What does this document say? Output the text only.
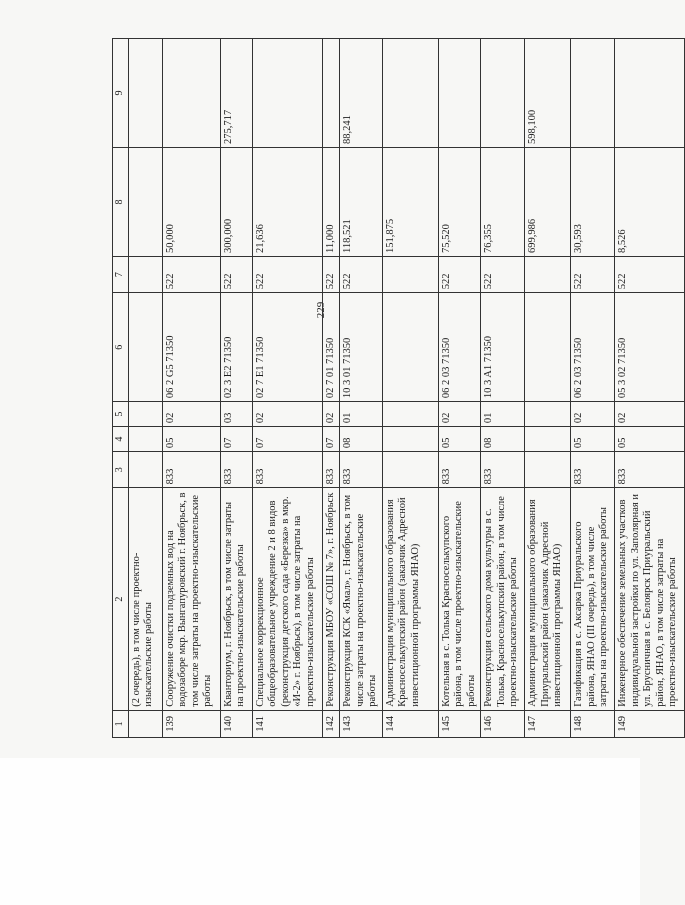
229
1	2	3	4	5	6	7	8	9
	(2 очередь), в том числе проектно-изыскательские работы							
139	Сооружение очистки подземных вод на водозаборе мкр. Вынгапуровский г. Ноябрьск, в том числе затраты на проектно-изыскательские работы	833	05	02	06 2 G5 71350	522	50,000	
140	Кванториум, г. Ноябрьск, в том числе затраты на проектно-изыскательские работы	833	07	03	02 3 E2 71350	522	300,000	275,717
141	Специальное коррекционное общеобразовательное учреждение 2 и 8 видов (реконструкция детского сада «Березка» в мкр. «И-2» г. Ноябрьск), в том числе затраты на проектно-изыскательские работы	833	07	02	02 7 E1 71350	522	21,636	
142	Реконструкция МБОУ «СОШ № 7», г. Ноябрьск	833	07	02	02 7 01 71350	522	11,000	
143	Реконструкция КСК «Ямал», г. Ноябрьск, в том числе затраты на проектно-изыскательские работы	833	08	01	10 3 01 71350	522	118,521	88,241
144	Администрация муниципального образования Красноселькупский район (заказчик Адресной инвестиционной программы ЯНАО)						151,875	
145	Котельная в с. Толька Красноселькупского района, в том числе проектно-изыскательские работы	833	05	02	06 2 03 71350	522	75,520	
146	Реконструкция сельского дома культуры в с. Толька, Красноселькупский район, в том числе проектно-изыскательские работы	833	08	01	10 3 A1 71350	522	76,355	
147	Администрация муниципального образования Приуральский район (заказчик Адресной инвестиционной программы ЯНАО)						699,986	598,100
148	Газификация в с. Аксарка Приуральского района, ЯНАО (III очередь), в том числе затраты на проектно-изыскательские работы	833	05	02	06 2 03 71350	522	30,593	
149	Инженерное обеспечение земельных участков индивидуальной застройки по ул. Заполярная и ул. Брусничная в с. Белоярск Приуральский район, ЯНАО, в том числе затраты на проектно-изыскательские работы	833	05	02	05 3 02 71350	522	8,526	
